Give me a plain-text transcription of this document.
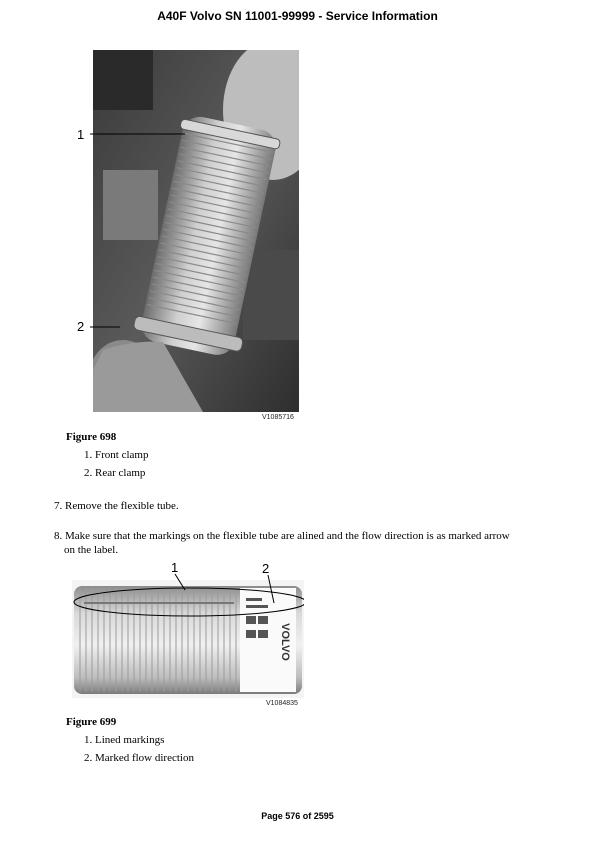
A40F Volvo SN 11001-99999 - Service Information
1
2
V1085716
Figure 698
1. Front clamp
2. Rear clamp
7. Remove the flexible tube.
8. Make sure that the markings on the flexible tube are alined and the flow direction is as marked arrow
on the label.
VOLVO
1	2
V1084835
Figure 699
1. Lined markings
2. Marked flow direction
Page 576 of 2595
